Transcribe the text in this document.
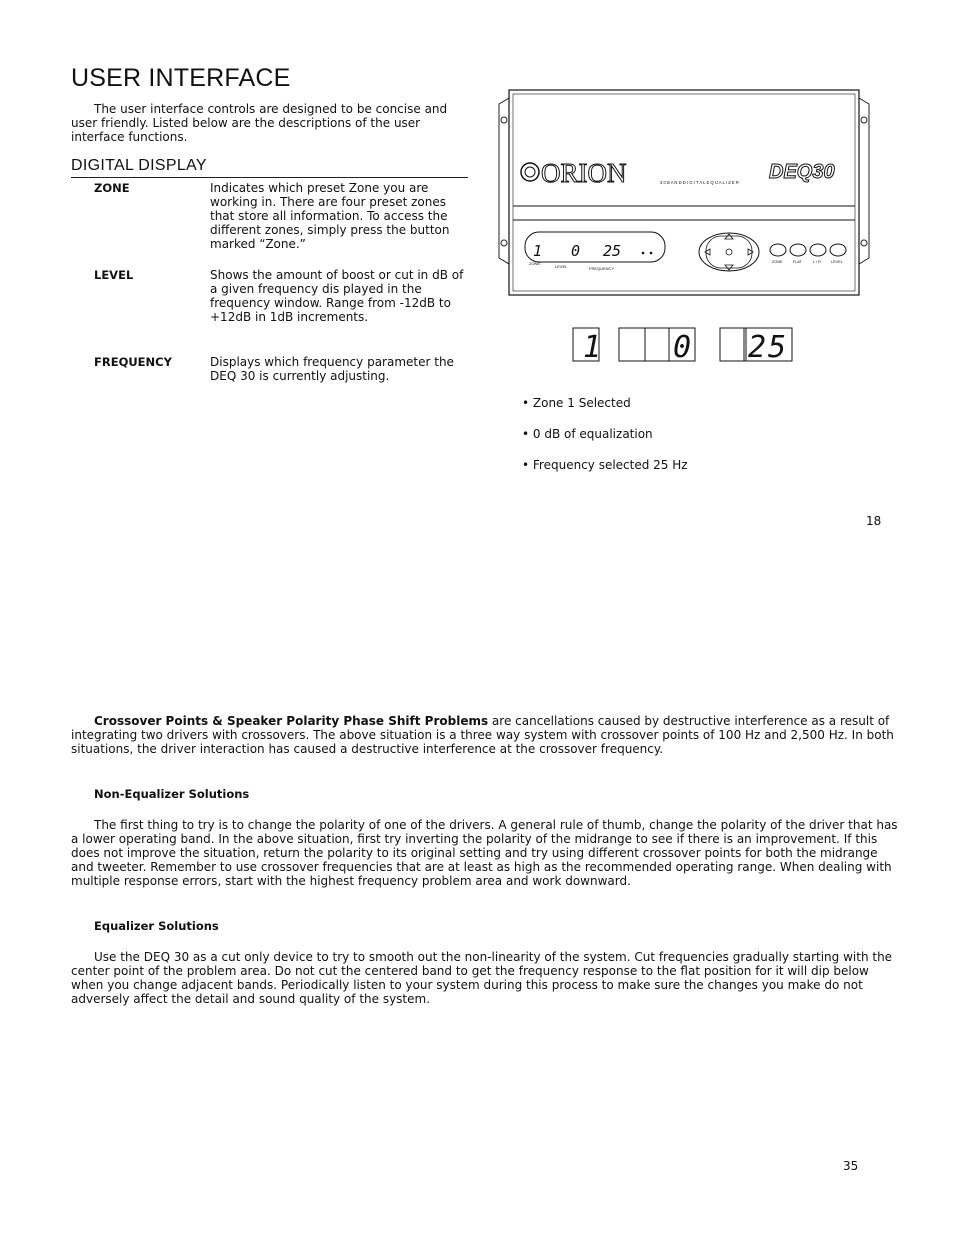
USER INTERFACE
The user interface controls are designed to be concise and user friendly. Listed below are the descriptions of the user interface functions.
DIGITAL DISPLAY
ZONE	Indicates which preset Zone you are working in. There are four preset zones that store all information. To access the different zones, simply press the button marked “Zone.”
LEVEL	Shows the amount of boost or cut in dB of a given frequency dis played in the frequency window. Range from -12dB to +12dB in 1dB increments.
FREQUENCY	Displays which frequency parameter the DEQ 30 is currently adjusting.
ORION	DEQ30
3 0 B A N D D I G I T A L E Q U A L I Z E R
1 0 25
ZONE
LEVEL	FREQUENCY
ZONE	FLAT	L / R	LEVEL
1 0 25
• Zone 1 Selected
• 0 dB of equalization
• Frequency selected 25 Hz
18
Crossover Points & Speaker Polarity Phase Shift Problems are cancellations caused by destructive interference as a result of integrating two drivers with crossovers. The above situation is a three way system with crossover points of 100 Hz and 2,500 Hz. In both situations, the driver interaction has caused a destructive interference at the crossover frequency.
Non-Equalizer Solutions
The first thing to try is to change the polarity of one of the drivers. A general rule of thumb, change the polarity of the driver that has a lower operating band. In the above situation, first try inverting the polarity of the midrange to see if there is an improvement. If this does not improve the situation, return the polarity to its original setting and try using different crossover points for both the midrange and tweeter. Remember to use crossover frequencies that are at least as high as the recommended operating range. When dealing with multiple response errors, start with the highest frequency problem area and work downward.
Equalizer Solutions
Use the DEQ 30 as a cut only device to try to smooth out the non-linearity of the system. Cut frequencies gradually starting with the center point of the problem area. Do not cut the centered band to get the frequency response to the flat position for it will dip below when you change adjacent bands. Periodically listen to your system during this process to make sure the changes you make do not adversely affect the detail and sound quality of the system.
35
